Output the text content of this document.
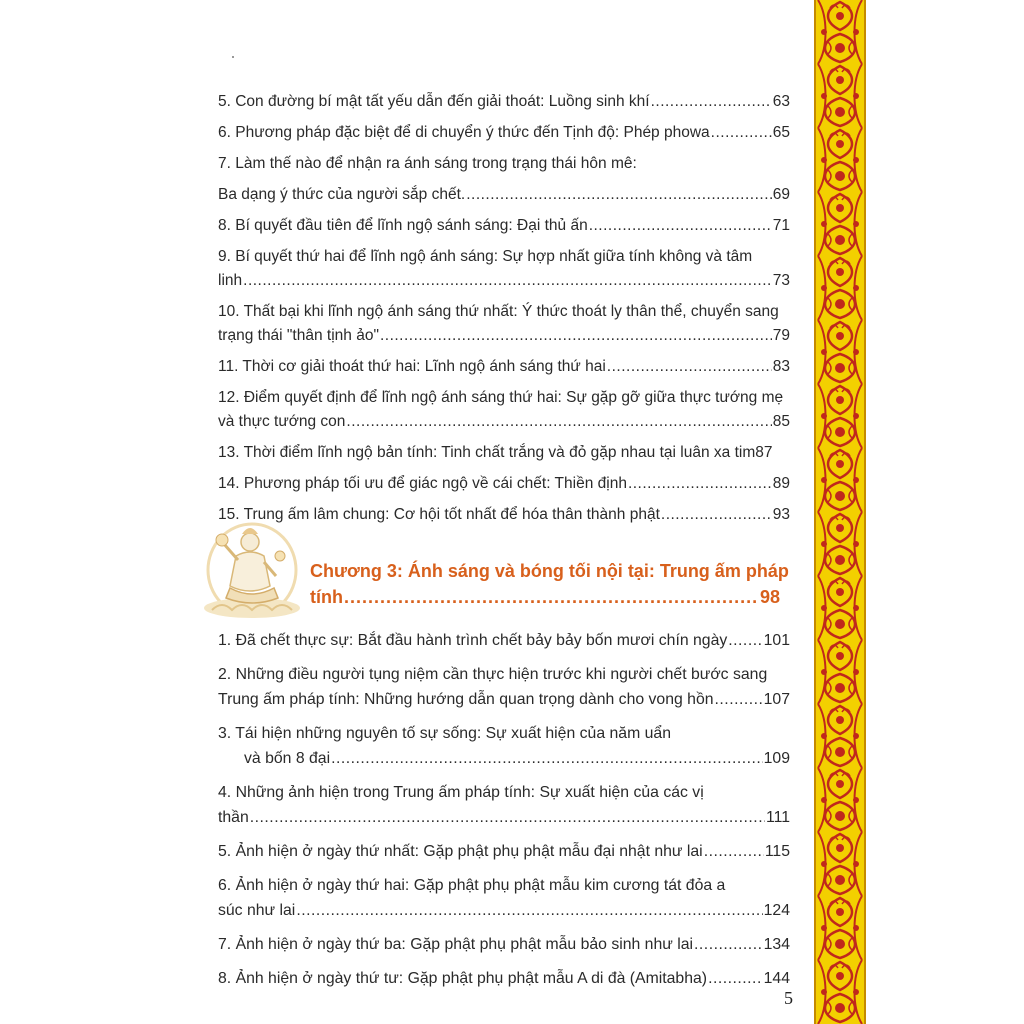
5. Con đường bí mật tất yếu dẫn đến giải thoát: Luồng sinh khí .....	63
6. Phương pháp đặc biệt để di chuyển ý thức đến Tịnh độ: Phép phowa .....	65
7. Làm thế nào để nhận ra ánh sáng trong trạng thái hôn mê:
Ba dạng ý thức của người sắp chết. .....	69
8. Bí quyết đầu tiên để lĩnh ngộ sánh sáng: Đại thủ ấn .....	71
9. Bí quyết thứ hai để lĩnh ngộ ánh sáng: Sự hợp nhất giữa tính không và tâm
linh .....	73
10. Thất bại khi lĩnh ngộ ánh sáng thứ nhất: Ý thức thoát ly thân thể, chuyển sang
trạng thái "thân tịnh ảo" .....	79
11. Thời cơ giải thoát thứ hai: Lĩnh ngộ ánh sáng thứ hai .....	83
12. Điểm quyết định để lĩnh ngộ ánh sáng thứ hai: Sự gặp gỡ giữa thực tướng mẹ
và thực tướng con .....	85
13. Thời điểm lĩnh ngộ bản tính: Tinh chất trắng và đỏ gặp nhau tại luân xa tim 87
14. Phương pháp tối ưu để giác ngộ về cái chết: Thiền định .....	89
15. Trung ấm lâm chung: Cơ hội tốt nhất để hóa thân thành phật .....	93
Chương 3: Ánh sáng và bóng tối nội tại: Trung ấm pháp
tính .....	98
1. Đã chết thực sự: Bắt đầu hành trình chết bảy bảy bốn mươi chín ngày ..... 101
2. Những điều người tụng niệm cần thực hiện trước khi người chết bước sang
Trung ấm pháp tính: Những hướng dẫn quan trọng dành cho vong hồn .....	107
3. Tái hiện những nguyên tố sự sống: Sự xuất hiện của năm uẩn
và bốn 8 đại .....	109
4. Những ảnh hiện trong Trung ấm pháp tính: Sự xuất hiện của các vị
thần .....	111
5. Ảnh hiện ở ngày thứ nhất: Gặp phật phụ phật mẫu đại nhật như lai .....	115
6. Ảnh hiện ở ngày thứ hai: Gặp phật phụ phật mẫu kim cương tát đỏa a
súc như lai .....	124
7. Ảnh hiện ở ngày thứ ba: Gặp phật phụ phật mẫu bảo sinh như lai .....	134
8. Ảnh hiện ở ngày thứ tư: Gặp phật phụ phật mẫu A di đà (Amitabha) .....	144
5
